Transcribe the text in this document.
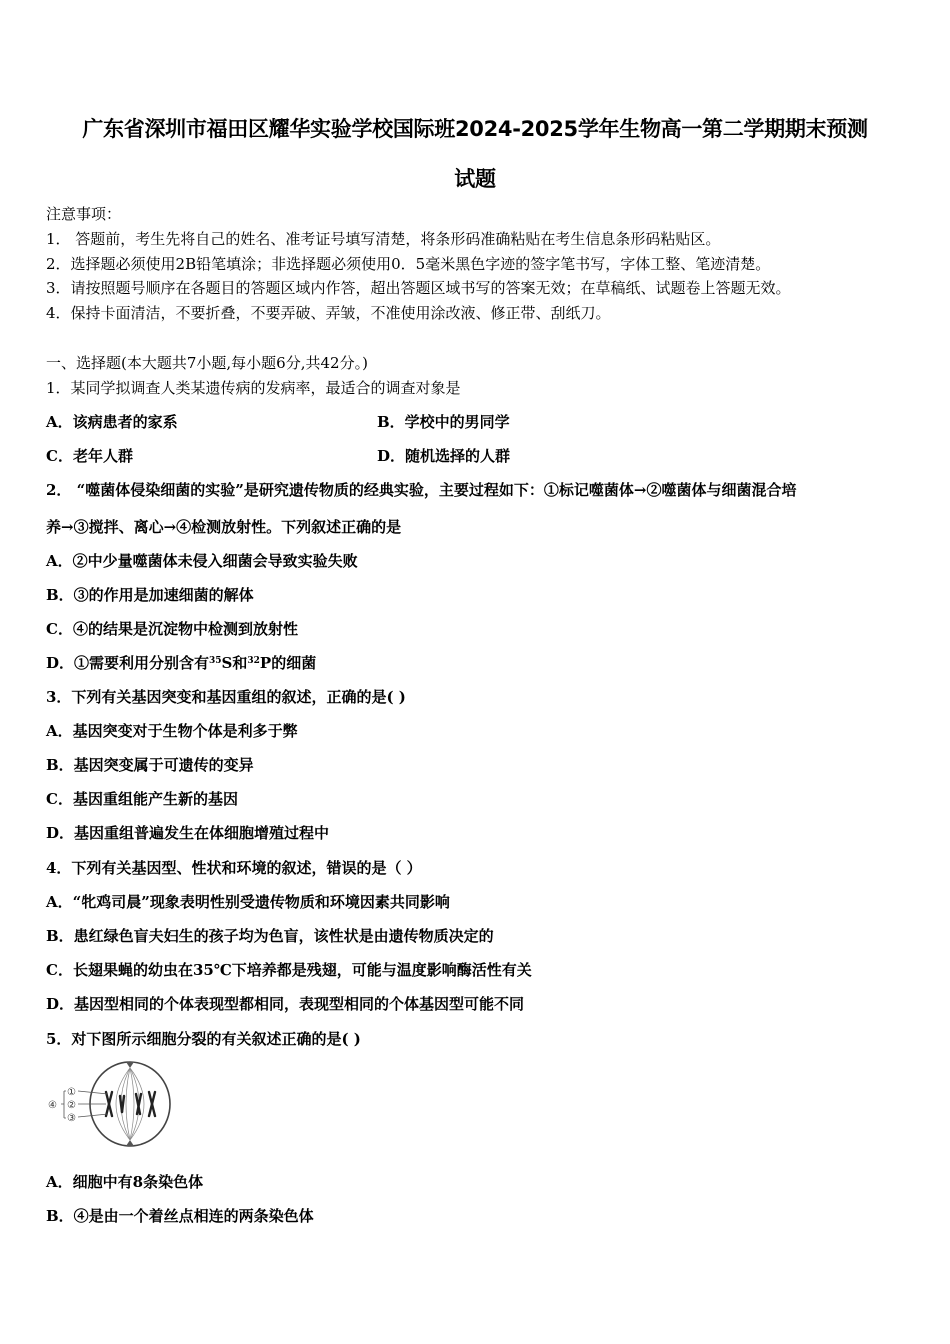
广东省深圳市福田区耀华实验学校国际班2024-2025学年生物高一第二学期期末预测
试题
注意事项：
1． 答题前，考生先将自己的姓名、准考证号填写清楚，将条形码准确粘贴在考生信息条形码粘贴区。
2．选择题必须使用2B铅笔填涂；非选择题必须使用0．5毫米黑色字迹的签字笔书写，字体工整、笔迹清楚。
3．请按照题号顺序在各题目的答题区域内作答，超出答题区域书写的答案无效；在草稿纸、试题卷上答题无效。
4．保持卡面清洁，不要折叠，不要弄破、弄皱，不准使用涂改液、修正带、刮纸刀。
一、选择题(本大题共7小题,每小题6分,共42分。)
1．某同学拟调查人类某遗传病的发病率，最适合的调查对象是
A．该病患者的家系	B．学校中的男同学
C．老年人群	D．随机选择的人群
2． “噬菌体侵染细菌的实验”是研究遗传物质的经典实验，主要过程如下：①标记噬菌体→②噬菌体与细菌混合培
养→③搅拌、离心→④检测放射性。下列叙述正确的是
A．②中少量噬菌体未侵入细菌会导致实验失败
B．③的作用是加速细菌的解体
C．④的结果是沉淀物中检测到放射性
D．①需要利用分别含有$^{35}$S和$^{32}$P的细菌
3．下列有关基因突变和基因重组的叙述，正确的是( )
A．基因突变对于生物个体是利多于弊
B．基因突变属于可遗传的变异
C．基因重组能产生新的基因
D．基因重组普遍发生在体细胞增殖过程中
4．下列有关基因型、性状和环境的叙述，错误的是（ ）
A．“牝鸡司晨”现象表明性别受遗传物质和环境因素共同影响
B．患红绿色盲夫妇生的孩子均为色盲，该性状是由遗传物质决定的
C．长翅果蝇的幼虫在35℃下培养都是残翅，可能与温度影响酶活性有关
D．基因型相同的个体表现型都相同，表现型相同的个体基因型可能不同
5．对下图所示细胞分裂的有关叙述正确的是( )
①
②
③
④
A．细胞中有8条染色体
B．④是由一个着丝点相连的两条染色体
